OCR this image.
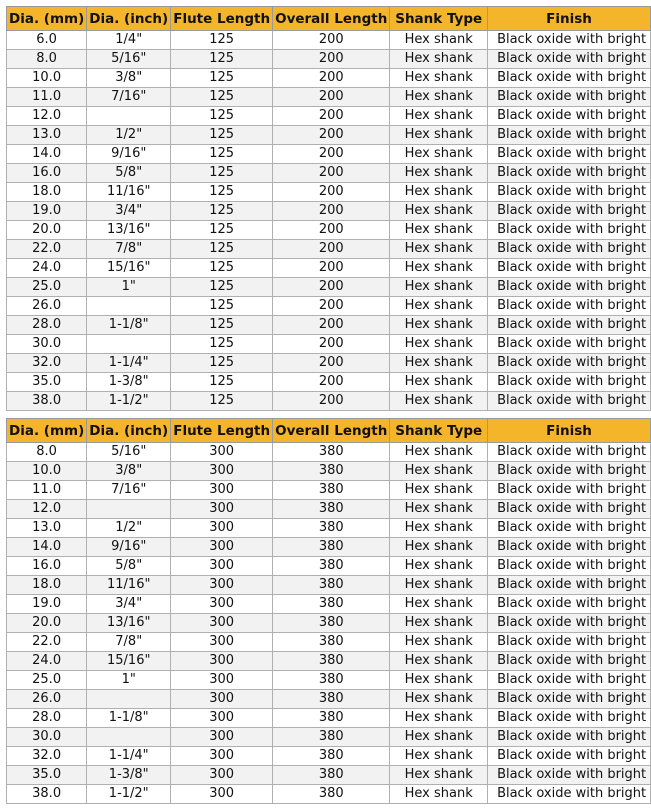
Dia. (mm)	Dia. (inch)	Flute Length	Overall Length	Shank Type	Finish
6.0	1/4"	125	200	Hex shank	Black oxide with bright
8.0	5/16"	125	200	Hex shank	Black oxide with bright
10.0	3/8"	125	200	Hex shank	Black oxide with bright
11.0	7/16"	125	200	Hex shank	Black oxide with bright
12.0		125	200	Hex shank	Black oxide with bright
13.0	1/2"	125	200	Hex shank	Black oxide with bright
14.0	9/16"	125	200	Hex shank	Black oxide with bright
16.0	5/8"	125	200	Hex shank	Black oxide with bright
18.0	11/16"	125	200	Hex shank	Black oxide with bright
19.0	3/4"	125	200	Hex shank	Black oxide with bright
20.0	13/16"	125	200	Hex shank	Black oxide with bright
22.0	7/8"	125	200	Hex shank	Black oxide with bright
24.0	15/16"	125	200	Hex shank	Black oxide with bright
25.0	1"	125	200	Hex shank	Black oxide with bright
26.0		125	200	Hex shank	Black oxide with bright
28.0	1-1/8"	125	200	Hex shank	Black oxide with bright
30.0		125	200	Hex shank	Black oxide with bright
32.0	1-1/4"	125	200	Hex shank	Black oxide with bright
35.0	1-3/8"	125	200	Hex shank	Black oxide with bright
38.0	1-1/2"	125	200	Hex shank	Black oxide with bright
Dia. (mm)	Dia. (inch)	Flute Length	Overall Length	Shank Type	Finish
8.0	5/16"	300	380	Hex shank	Black oxide with bright
10.0	3/8"	300	380	Hex shank	Black oxide with bright
11.0	7/16"	300	380	Hex shank	Black oxide with bright
12.0		300	380	Hex shank	Black oxide with bright
13.0	1/2"	300	380	Hex shank	Black oxide with bright
14.0	9/16"	300	380	Hex shank	Black oxide with bright
16.0	5/8"	300	380	Hex shank	Black oxide with bright
18.0	11/16"	300	380	Hex shank	Black oxide with bright
19.0	3/4"	300	380	Hex shank	Black oxide with bright
20.0	13/16"	300	380	Hex shank	Black oxide with bright
22.0	7/8"	300	380	Hex shank	Black oxide with bright
24.0	15/16"	300	380	Hex shank	Black oxide with bright
25.0	1"	300	380	Hex shank	Black oxide with bright
26.0		300	380	Hex shank	Black oxide with bright
28.0	1-1/8"	300	380	Hex shank	Black oxide with bright
30.0		300	380	Hex shank	Black oxide with bright
32.0	1-1/4"	300	380	Hex shank	Black oxide with bright
35.0	1-3/8"	300	380	Hex shank	Black oxide with bright
38.0	1-1/2"	300	380	Hex shank	Black oxide with bright
